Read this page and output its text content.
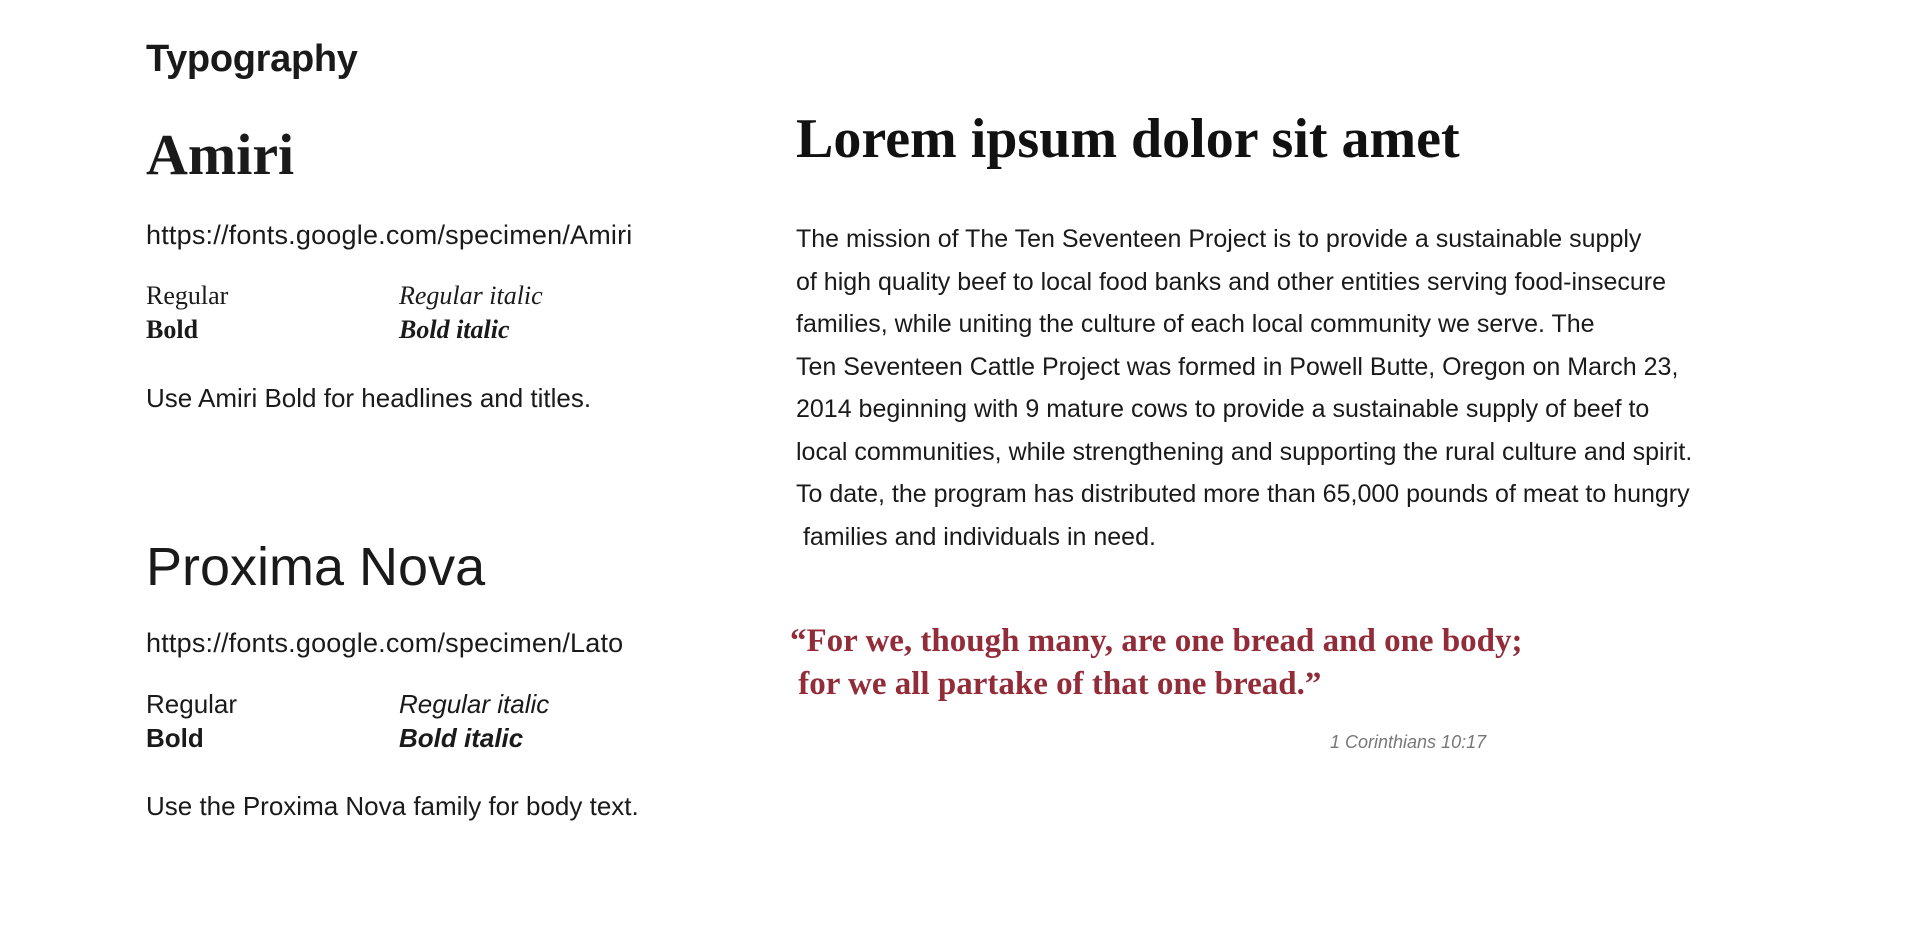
Typography
Amiri
https://fonts.google.com/specimen/Amiri
Regular	Regular italic
Bold	Bold italic
Use Amiri Bold for headlines and titles.
Proxima Nova
https://fonts.google.com/specimen/Lato
Regular	Regular italic
Bold	Bold italic
Use the Proxima Nova family for body text.
Lorem ipsum dolor sit amet

The mission of The Ten Seventeen Project is to provide a sustainable supply
of high quality beef to local food banks and other entities serving food-insecure
families, while uniting the culture of each local community we serve. The
Ten Seventeen Cattle Project was formed in Powell Butte, Oregon on March 23,
2014 beginning with 9 mature cows to provide a sustainable supply of beef to
local communities, while strengthening and supporting the rural culture and spirit.
To date, the program has distributed more than 65,000 pounds of meat to hungry
families and individuals in need.

“For we, though many, are one bread and one body;
for we all partake of that one bread.”
1 Corinthians 10:17
